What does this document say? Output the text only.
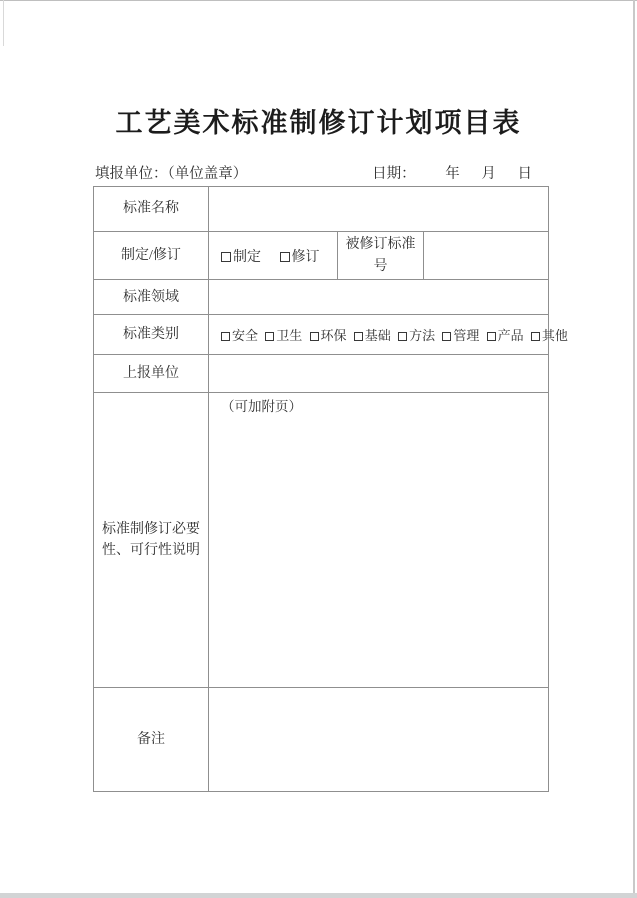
工艺美术标准制修订计划项目表
填报单位：（单位盖章）	日期： 年 月 日
标准名称			
制定/修订	制定 修订	被修订标准号	
标准领域			
标准类别	安全 卫生 环保 基础 方法 管理 产品 其他		
上报单位			
标准制修订必要性、可行性说明	（可加附页）		
备注			
